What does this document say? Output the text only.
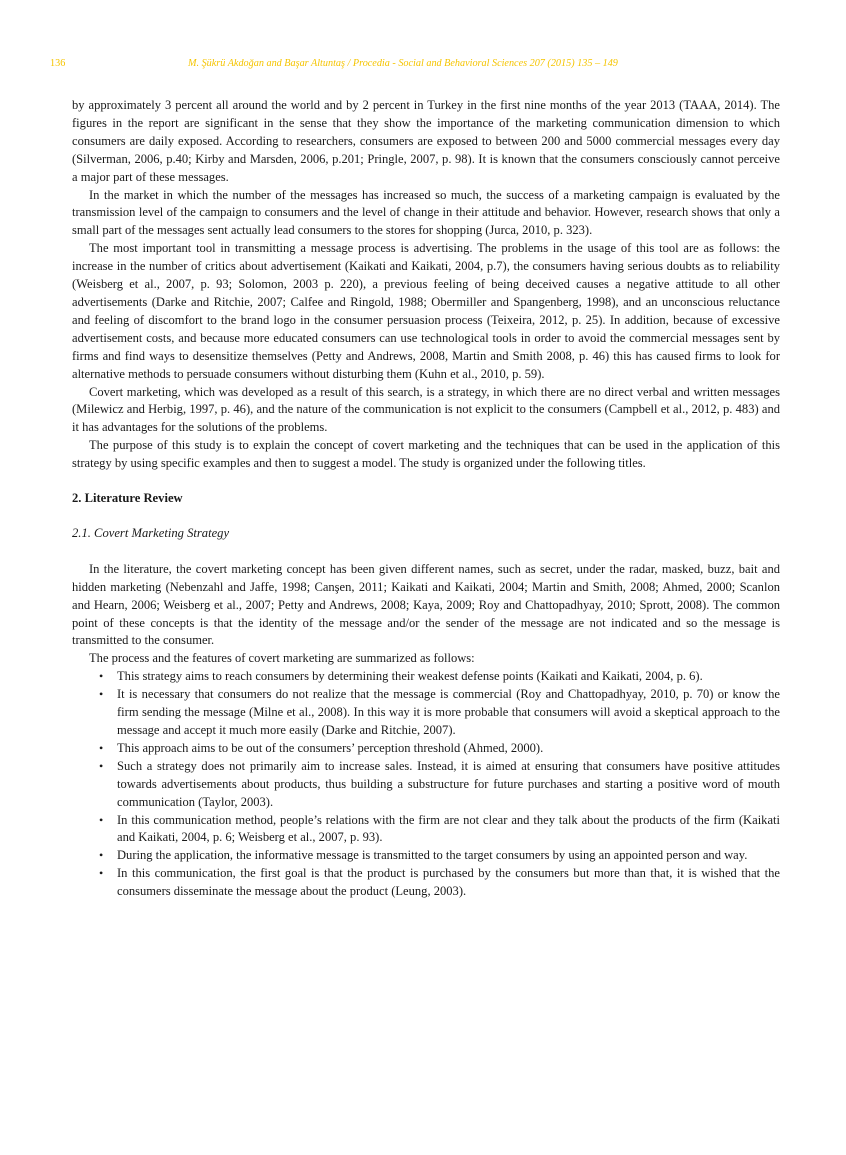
136	M. Şükrü Akdoğan and Başar Altuntaş / Procedia - Social and Behavioral Sciences 207 (2015) 135 – 149

by approximately 3 percent all around the world and by 2 percent in Turkey in the first nine months of the year 2013 (TAAA, 2014). The figures in the report are significant in the sense that they show the importance of the marketing communication dimension to which consumers are daily exposed. According to researchers, consumers are exposed to between 200 and 5000 commercial messages every day (Silverman, 2006, p.40; Kirby and Marsden, 2006, p.201; Pringle, 2007, p. 98). It is known that the consumers consciously cannot perceive a major part of these messages.

In the market in which the number of the messages has increased so much, the success of a marketing campaign is evaluated by the transmission level of the campaign to consumers and the level of change in their attitude and behavior. However, research shows that only a small part of the messages sent actually lead consumers to the stores for shopping (Jurca, 2010, p. 323).

The most important tool in transmitting a message process is advertising. The problems in the usage of this tool are as follows: the increase in the number of critics about advertisement (Kaikati and Kaikati, 2004, p.7), the consumers having serious doubts as to reliability (Weisberg et al., 2007, p. 93; Solomon, 2003 p. 220), a previous feeling of being deceived causes a negative attitude to all other advertisements (Darke and Ritchie, 2007; Calfee and Ringold, 1988; Obermiller and Spangenberg, 1998), and an unconscious reluctance and feeling of discomfort to the brand logo in the consumer persuasion process (Teixeira, 2012, p. 25). In addition, because of excessive advertisement costs, and because more educated consumers can use technological tools in order to avoid the commercial messages sent by firms and find ways to desensitize themselves (Petty and Andrews, 2008, Martin and Smith 2008, p. 46) this has caused firms to look for alternative methods to persuade consumers without disturbing them (Kuhn et al., 2010, p. 59).

Covert marketing, which was developed as a result of this search, is a strategy, in which there are no direct verbal and written messages (Milewicz and Herbig, 1997, p. 46), and the nature of the communication is not explicit to the consumers (Campbell et al., 2012, p. 483) and it has advantages for the solutions of the problems.

The purpose of this study is to explain the concept of covert marketing and the techniques that can be used in the application of this strategy by using specific examples and then to suggest a model. The study is organized under the following titles.

2. Literature Review
2.1. Covert Marketing Strategy

In the literature, the covert marketing concept has been given different names, such as secret, under the radar, masked, buzz, bait and hidden marketing (Nebenzahl and Jaffe, 1998; Canşen, 2011; Kaikati and Kaikati, 2004; Martin and Smith, 2008; Ahmed, 2000; Scanlon and Hearn, 2006; Weisberg et al., 2007; Petty and Andrews, 2008; Kaya, 2009; Roy and Chattopadhyay, 2010; Sprott, 2008). The common point of these concepts is that the identity of the message and/or the sender of the message are not indicated and so the message is transmitted to the consumer.

The process and the features of covert marketing are summarized as follows:

• This strategy aims to reach consumers by determining their weakest defense points (Kaikati and Kaikati, 2004, p. 6).
• It is necessary that consumers do not realize that the message is commercial (Roy and Chattopadhyay, 2010, p. 70) or know the firm sending the message (Milne et al., 2008). In this way it is more probable that consumers will avoid a skeptical approach to the message and accept it much more easily (Darke and Ritchie, 2007).
• This approach aims to be out of the consumers’ perception threshold (Ahmed, 2000).
• Such a strategy does not primarily aim to increase sales. Instead, it is aimed at ensuring that consumers have positive attitudes towards advertisements about products, thus building a substructure for future purchases and starting a positive word of mouth communication (Taylor, 2003).
• In this communication method, people’s relations with the firm are not clear and they talk about the products of the firm (Kaikati and Kaikati, 2004, p. 6; Weisberg et al., 2007, p. 93).
• During the application, the informative message is transmitted to the target consumers by using an appointed person and way.
• In this communication, the first goal is that the product is purchased by the consumers but more than that, it is wished that the consumers disseminate the message about the product (Leung, 2003).
